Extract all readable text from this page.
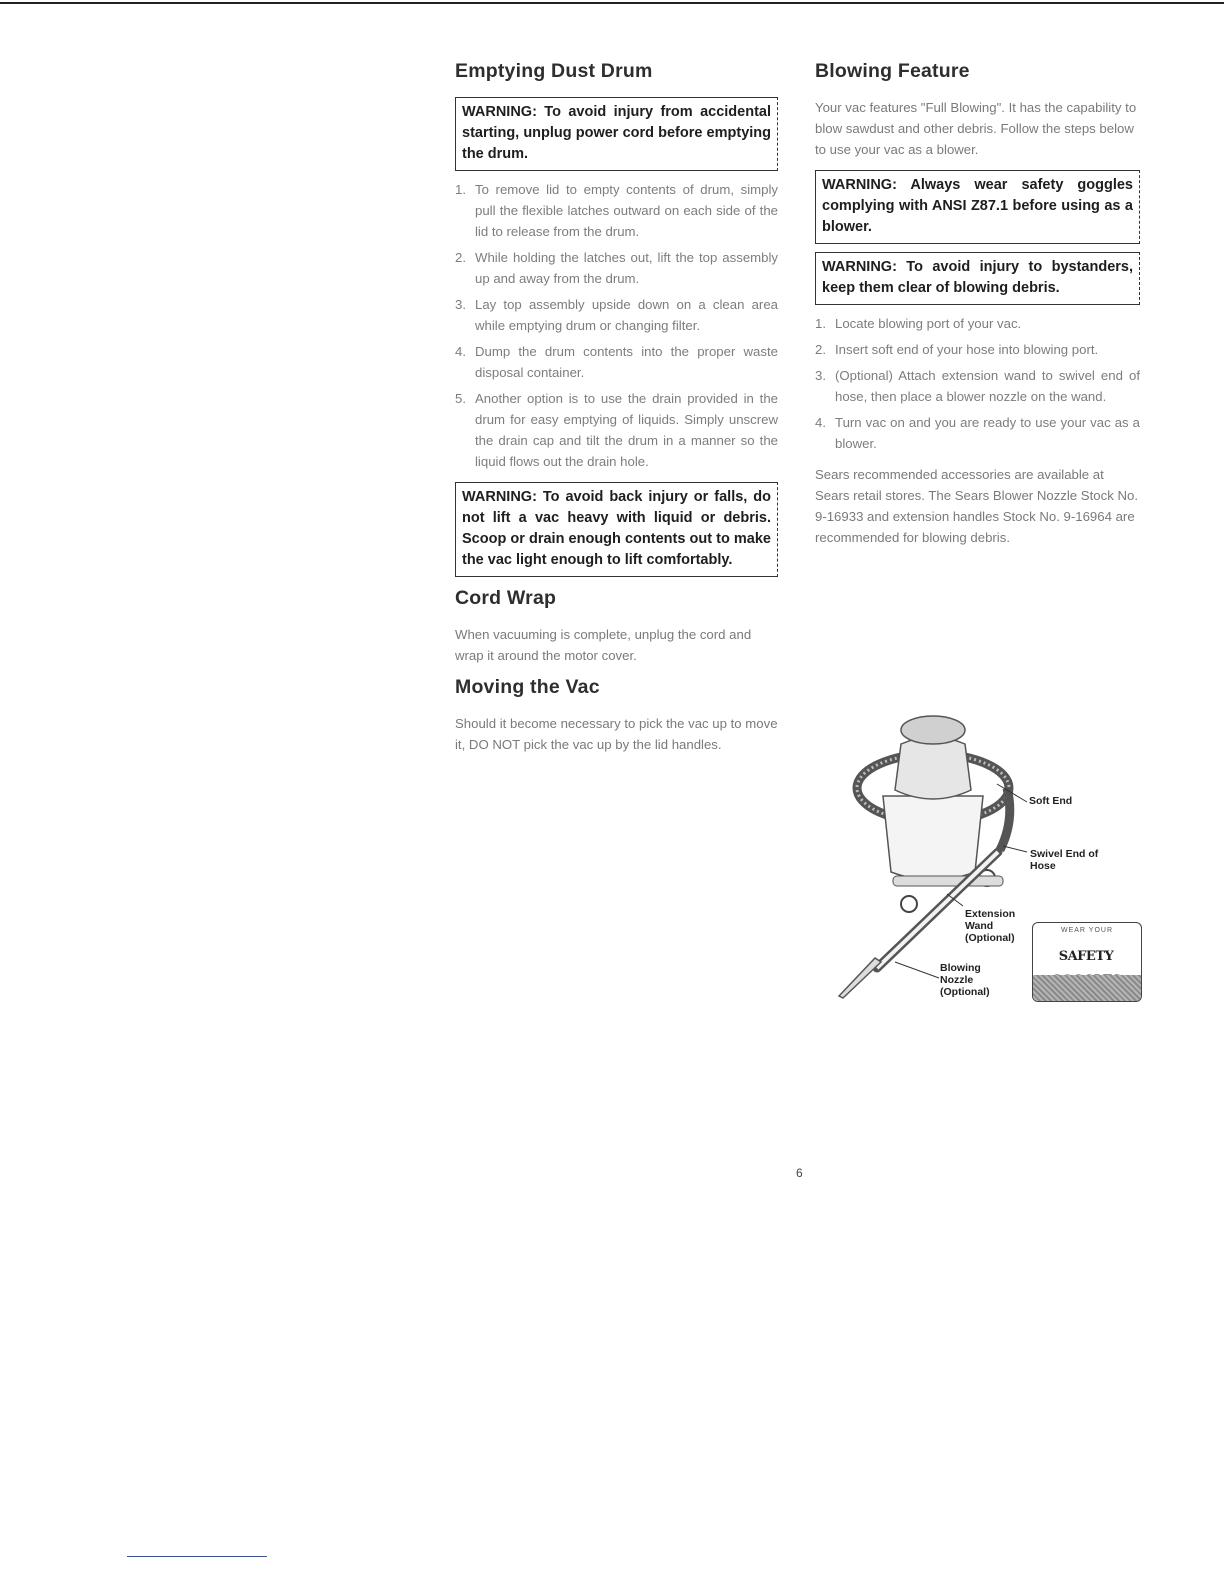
Emptying Dust Drum
WARNING: To avoid injury from accidental starting, unplug power cord before emptying the drum.
1. To remove lid to empty contents of drum, simply pull the flexible latches outward on each side of the lid to release from the drum.
2. While holding the latches out, lift the top assembly up and away from the drum.
3. Lay top assembly upside down on a clean area while emptying drum or changing filter.
4. Dump the drum contents into the proper waste disposal container.
5. Another option is to use the drain provided in the drum for easy emptying of liquids. Simply unscrew the drain cap and tilt the drum in a manner so the liquid flows out the drain hole.
WARNING: To avoid back injury or falls, do not lift a vac heavy with liquid or debris. Scoop or drain enough contents out to make the vac light enough to lift comfortably.
Cord Wrap

When vacuuming is complete, unplug the cord and wrap it around the motor cover.

Moving the Vac

Should it become necessary to pick the vac up to move it, DO NOT pick the vac up by the lid handles.

Blowing Feature

Your vac features "Full Blowing". It has the capability to blow sawdust and other debris. Follow the steps below to use your vac as a blower.

WARNING: Always wear safety goggles complying with ANSI Z87.1 before using as a blower.
WARNING: To avoid injury to bystanders, keep them clear of blowing debris.
1. Locate blowing port of your vac.
2. Insert soft end of your hose into blowing port.
3. (Optional) Attach extension wand to swivel end of hose, then place a blower nozzle on the wand.
4. Turn vac on and you are ready to use your vac as a blower.

Sears recommended accessories are available at Sears retail stores. The Sears Blower Nozzle Stock No. 9-16933 and extension handles Stock No. 9-16964 are recommended for blowing debris.

Soft End
Swivel End of Hose
Extension Wand (Optional)
Blowing Nozzle (Optional)
WEAR YOUR
SAFETY
6
